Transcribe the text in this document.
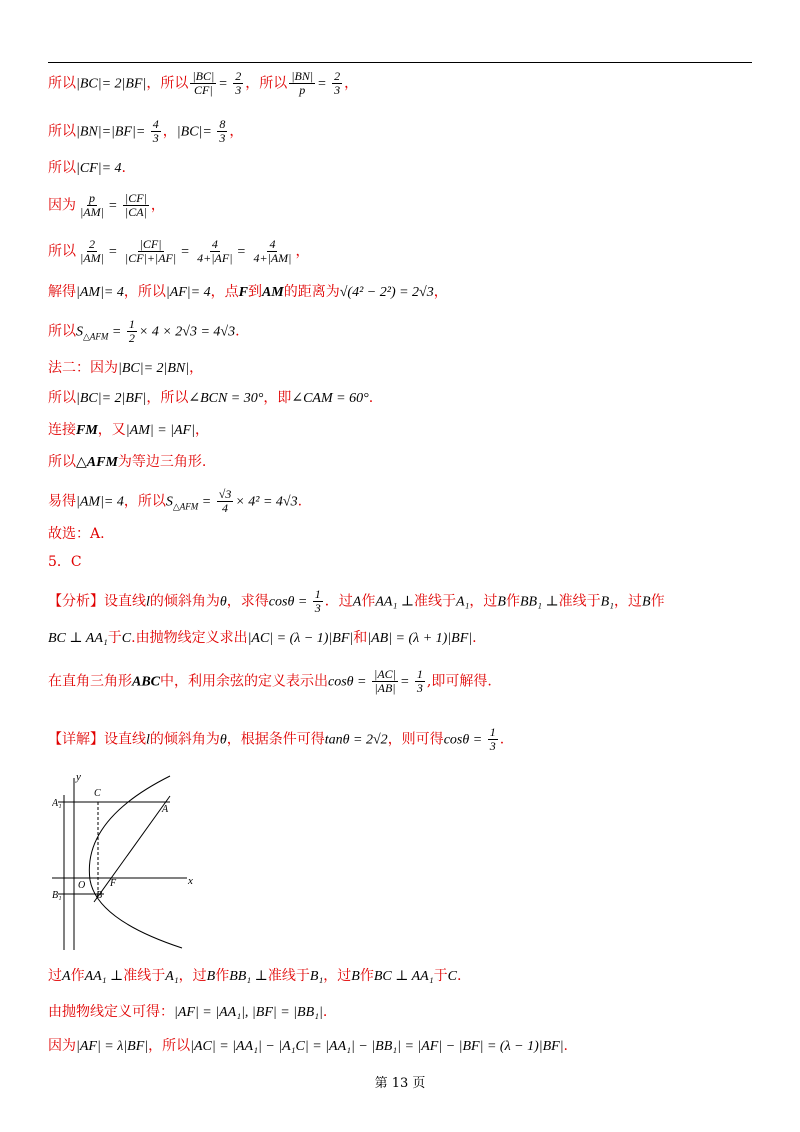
所以|BC|= 2|BF|，所以 $\frac{|BC|}{CF|} = \frac{2}{3}$ ，所以 $\frac{|BN|}{p} = \frac{2}{3}$ ，
所以$|BN|=|BF|= \frac{4}{3}$ ，$|BC|= \frac{8}{3}$ ，
所以|CF|= 4.
因为 $\frac{p}{|AM|} = \frac{|CF|}{|CA|}$ ，
所以 $\frac{2}{|AM|} = \frac{|CF|}{|CF|+|AF|} = \frac{4}{4+|AF|} = \frac{4}{4+|AM|}$ ，
解得|AM|= 4，所以|AF|= 4，点F到AM的距离为√(4² − 2²) = 2√3，
所以$S_{\triangle AFM} = \frac{1}{2} \times 4 \times 2√3 = 4√3$.
法二：因为|BC|= 2|BN|，
所以|BC|= 2|BF|，所以∠BCN = 30°，即∠CAM = 60°.
连接FM，又|AM| = |AF|，
所以△AFM为等边三角形.
易得|AM|= 4，所以$S_{\triangle AFM} = \frac{√3}{4} \times 4^2 = 4√3$.
故选：A.
5．C
【分析】设直线l的倾斜角为θ，求得$\cos\theta = \frac{1}{3}$ ．过A作AA₁ ⊥准线于A₁，过B作BB₁ ⊥准线于B₁，过B作
BC ⊥ AA₁于C.由抛物线定义求出|AC| = (λ − 1)|BF|和|AB| = (λ + 1)|BF|.
在直角三角形ABC中，利用余弦的定义表示出$\cos\theta = \frac{|AC|}{|AB|} = \frac{1}{3}$ ,即可解得.
【详解】设直线l的倾斜角为θ，根据条件可得tanθ = 2√2，则可得$\cos\theta = \frac{1}{3}$ .
y
x
A₁
C
A
O F
B₁	B
过A作AA₁ ⊥准线于A₁，过B作BB₁ ⊥准线于B₁，过B作BC ⊥ AA₁于C.
由抛物线定义可得：|AF| = |AA₁|, |BF| = |BB₁|.
因为|AF| = λ|BF|，所以|AC| = |AA₁| − |A₁C| = |AA₁| − |BB₁| = |AF| − |BF| = (λ − 1)|BF|.
第 13 页
